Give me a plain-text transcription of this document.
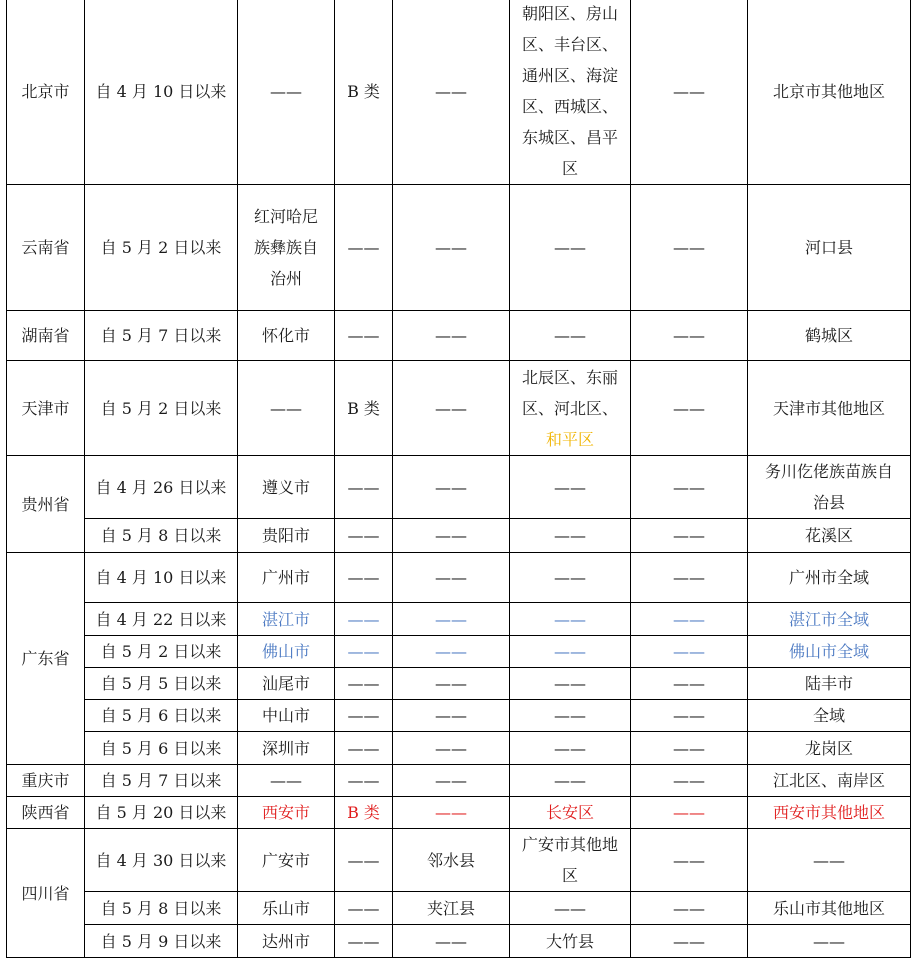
北京市	自 4 月 10 日以来	——	B 类	——	朝阳区、房山区、丰台区、通州区、海淀区、西城区、东城区、昌平区	——	北京市其他地区
云南省	自 5 月 2 日以来	红河哈尼族彝族自治州	——	——	——	——	河口县
湖南省	自 5 月 7 日以来	怀化市	——	——	——	——	鹤城区
天津市	自 5 月 2 日以来	——	B 类	——	北辰区、东丽区、河北区、和平区	——	天津市其他地区
贵州省	自 4 月 26 日以来	遵义市	——	——	——	——	务川仡佬族苗族自治县
	自 5 月 8 日以来	贵阳市	——	——	——	——	花溪区
广东省	自 4 月 10 日以来	广州市	——	——	——	——	广州市全域
	自 4 月 22 日以来	湛江市	——	——	——	——	湛江市全域
	自 5 月 2 日以来	佛山市	——	——	——	——	佛山市全域
	自 5 月 5 日以来	汕尾市	——	——	——	——	陆丰市
	自 5 月 6 日以来	中山市	——	——	——	——	全域
	自 5 月 6 日以来	深圳市	——	——	——	——	龙岗区
重庆市	自 5 月 7 日以来	——	——	——	——	——	江北区、南岸区
陕西省	自 5 月 20 日以来	西安市	B 类	——	长安区	——	西安市其他地区
四川省	自 4 月 30 日以来	广安市	——	邻水县	广安市其他地区	——	——
	自 5 月 8 日以来	乐山市	——	夹江县	——	——	乐山市其他地区
	自 5 月 9 日以来	达州市	——	——	大竹县	——	——
